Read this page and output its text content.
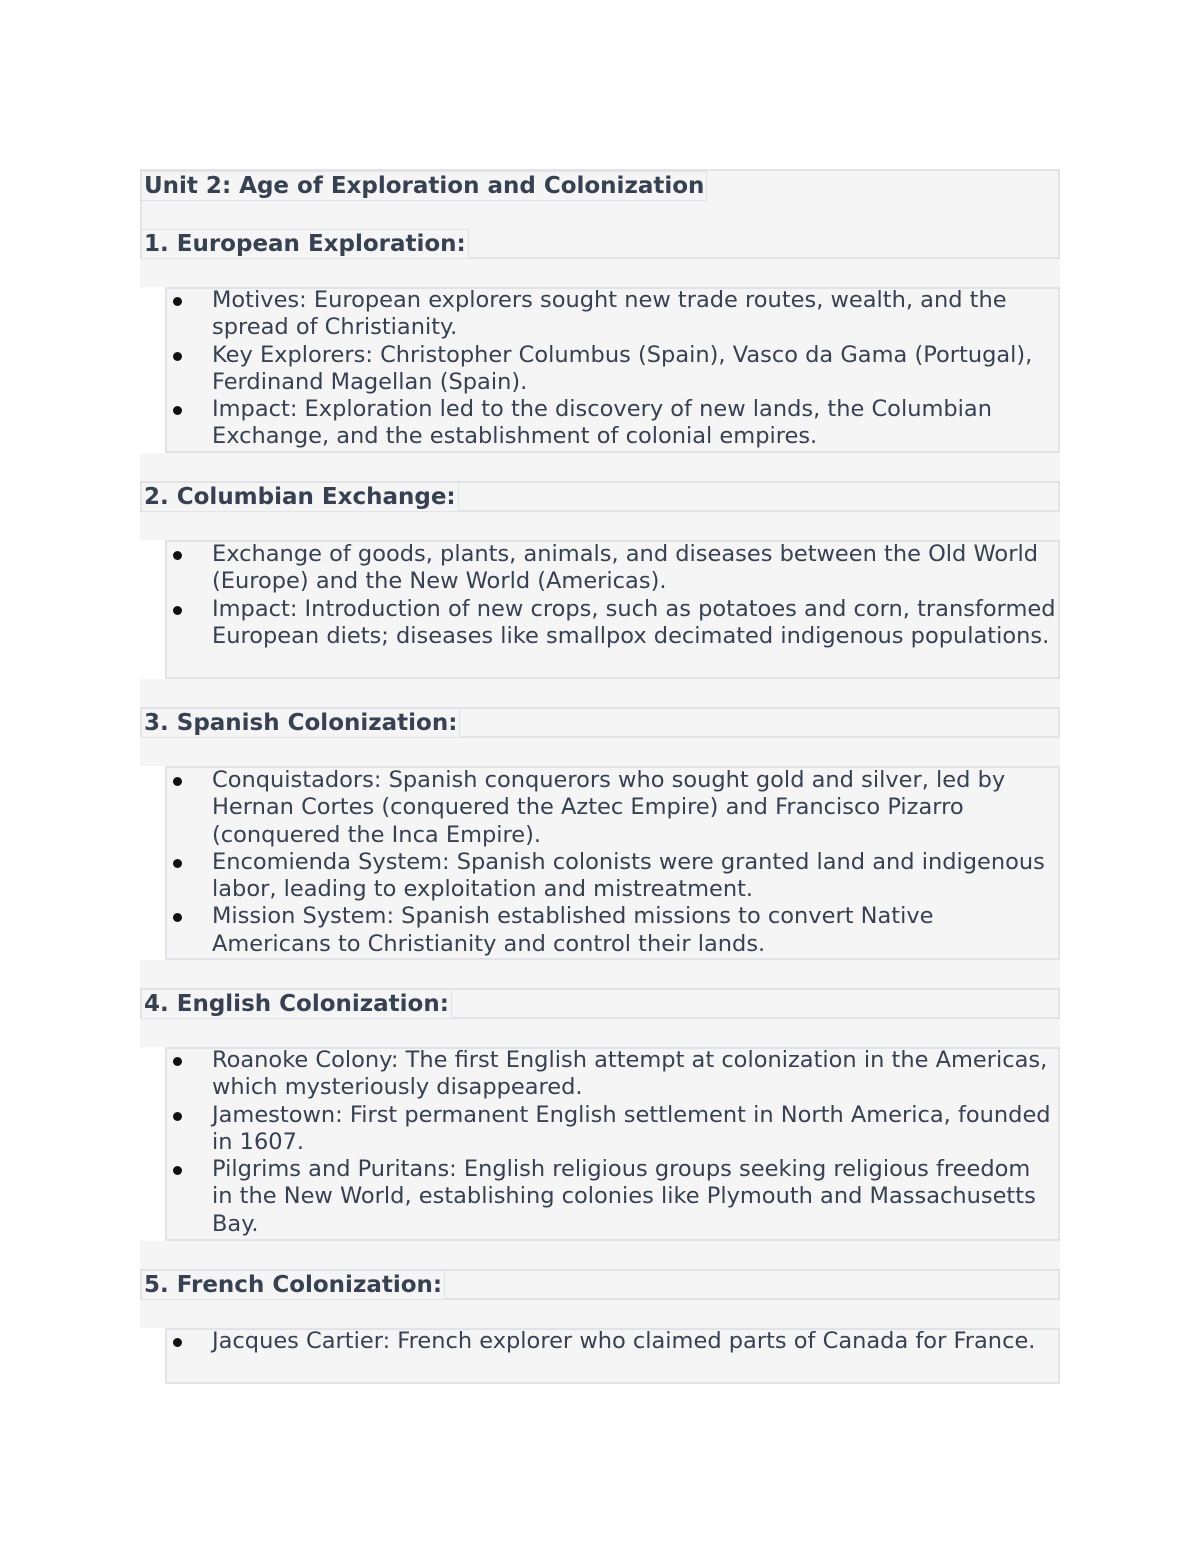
Unit 2: Age of Exploration and Colonization
1. European Exploration:
Motives: European explorers sought new trade routes, wealth, and the spread of Christianity.
Key Explorers: Christopher Columbus (Spain), Vasco da Gama (Portugal), Ferdinand Magellan (Spain).
Impact: Exploration led to the discovery of new lands, the Columbian Exchange, and the establishment of colonial empires.
2. Columbian Exchange:
Exchange of goods, plants, animals, and diseases between the Old World (Europe) and the New World (Americas).
Impact: Introduction of new crops, such as potatoes and corn, transformed European diets; diseases like smallpox decimated indigenous populations.
3. Spanish Colonization:
Conquistadors: Spanish conquerors who sought gold and silver, led by Hernan Cortes (conquered the Aztec Empire) and Francisco Pizarro (conquered the Inca Empire).
Encomienda System: Spanish colonists were granted land and indigenous labor, leading to exploitation and mistreatment.
Mission System: Spanish established missions to convert Native Americans to Christianity and control their lands.
4. English Colonization:
Roanoke Colony: The first English attempt at colonization in the Americas, which mysteriously disappeared.
Jamestown: First permanent English settlement in North America, founded in 1607.
Pilgrims and Puritans: English religious groups seeking religious freedom in the New World, establishing colonies like Plymouth and Massachusetts Bay.
5. French Colonization:
Jacques Cartier: French explorer who claimed parts of Canada for France.
